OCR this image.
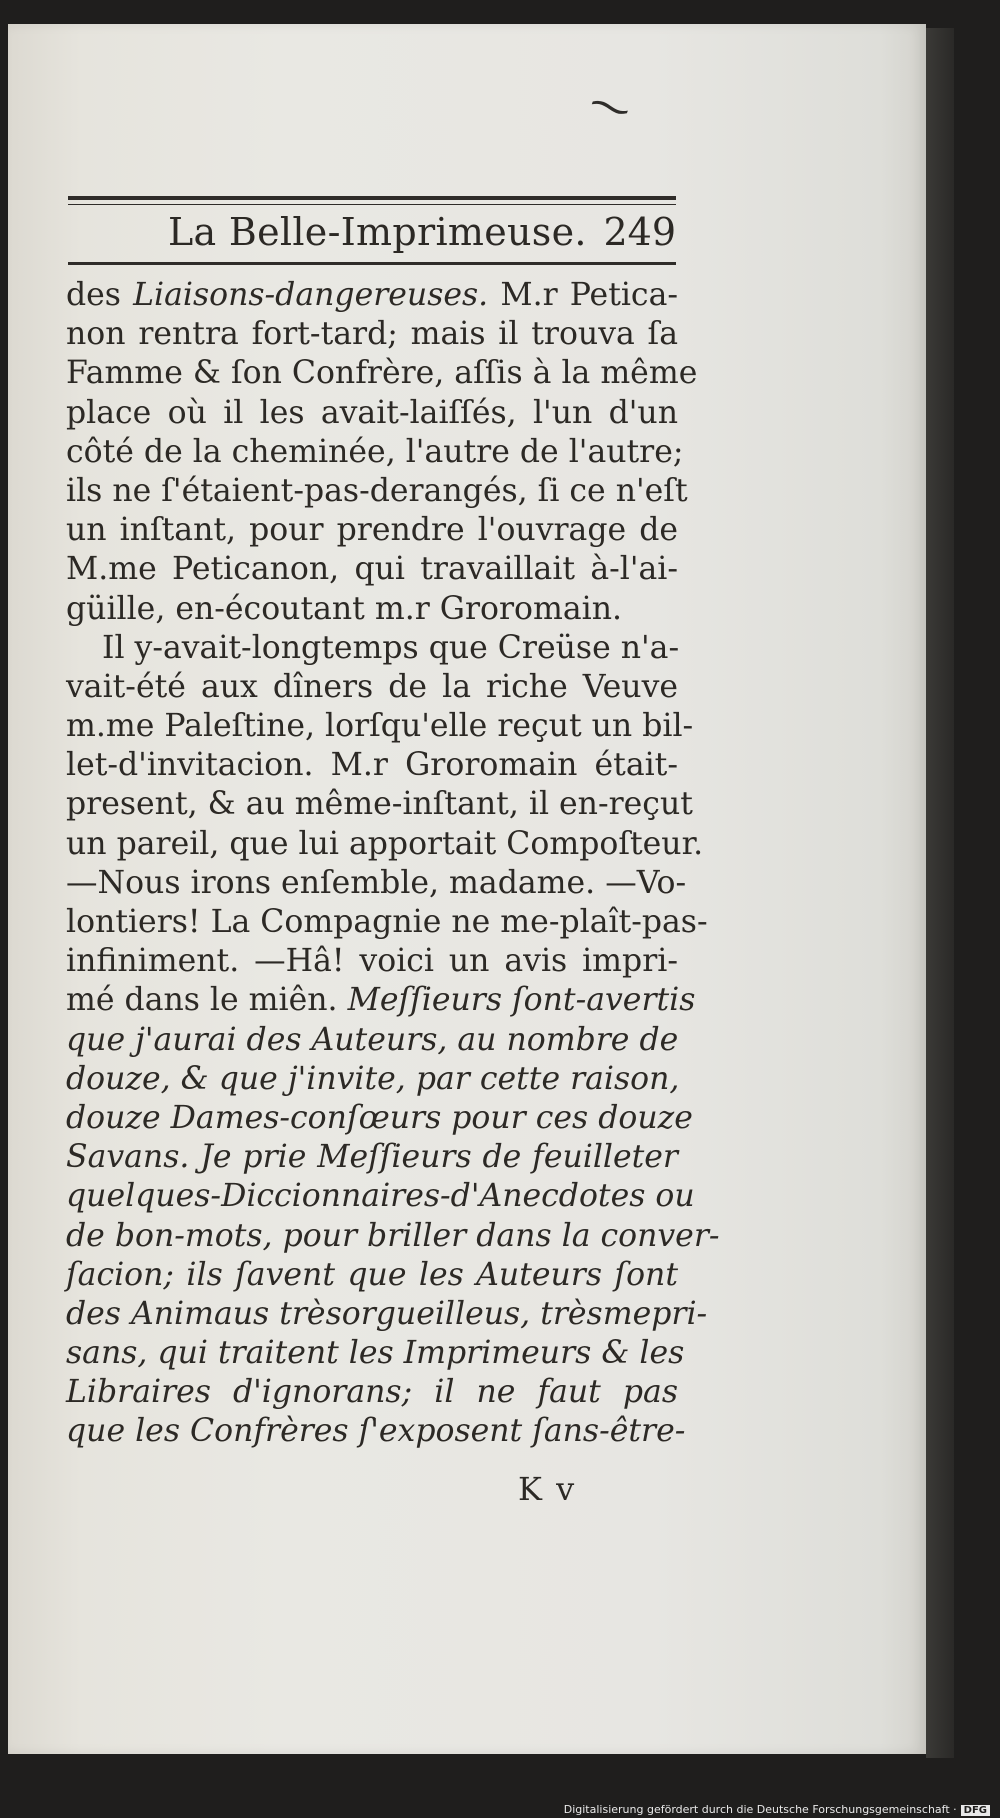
⁓
La Belle-Imprimeuse. 249
des Liaisons-dangereuses. M.r Petica-
non rentra fort-tard; mais il trouva ſa
Famme & ſon Confrère, aſſis à la même
place où il les avait-laiſſés, l'un d'un
côté de la cheminée, l'autre de l'autre;
ils ne ſ'étaient-pas-derangés, ſi ce n'eſt
un inſtant, pour prendre l'ouvrage de
M.me Peticanon, qui travaillait à-l'ai-
güille, en-écoutant m.r Groromain.
Il y-avait-longtemps que Creüse n'a-
vait-été aux dîners de la riche Veuve
m.me Paleſtine, lorſqu'elle reçut un bil-
let-d'invitacion. M.r Groromain était-
present, & au même-inſtant, il en-reçut
un pareil, que lui apportait Compoſteur.
—Nous irons enſemble, madame. —Vo-
lontiers! La Compagnie ne me-plaît-pas-
infiniment. —Hâ! voici un avis impri-
mé dans le miên. Meſſieurs ſont-avertis
que j'aurai des Auteurs, au nombre de
douze, & que j'invite, par cette raison,
douze Dames-conſœurs pour ces douze
Savans. Je prie Meſſieurs de feuilleter
quelques-Diccionnaires-d'Anecdotes ou
de bon-mots, pour briller dans la conver-
ſacion; ils ſavent que les Auteurs ſont
des Animaus trèsorgueilleus, trèsmepri-
sans, qui traitent les Imprimeurs & les
Libraires d'ignorans; il ne faut pas
que les Confrères ſ'exposent ſans-être-
K v
Digitalisierung gefördert durch die Deutsche Forschungsgemeinschaft · DFG
